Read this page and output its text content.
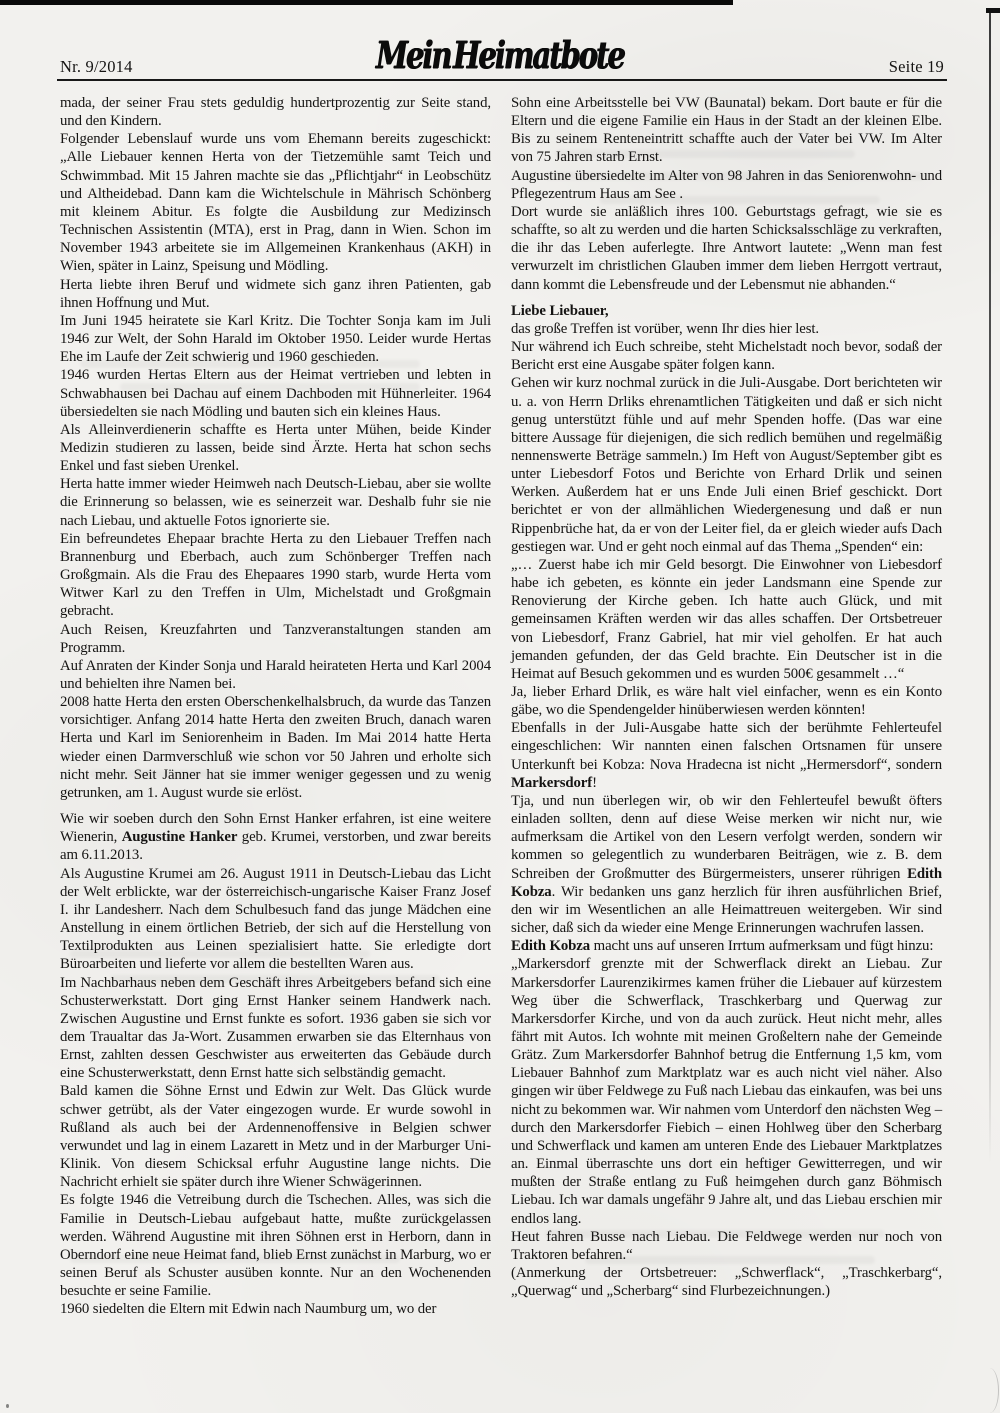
Nr. 9/2014	Mein Heimatbote	Seite 19

mada, der seiner Frau stets geduldig hundertprozentig zur Seite stand, und den Kindern.

Folgender Lebenslauf wurde uns vom Ehemann bereits zugeschickt: „Alle Liebauer kennen Herta von der Tietzemühle samt Teich und Schwimmbad. Mit 15 Jahren machte sie das „Pflichtjahr“ in Leobschütz und Altheidebad. Dann kam die Wichtelschule in Mährisch Schönberg mit kleinem Abitur. Es folgte die Ausbildung zur Medizinsch Technischen Assistentin (MTA), erst in Prag, dann in Wien. Schon im November 1943 arbeitete sie im Allgemeinen Krankenhaus (AKH) in Wien, später in Lainz, Speisung und Mödling.

Herta liebte ihren Beruf und widmete sich ganz ihren Patienten, gab ihnen Hoffnung und Mut.

Im Juni 1945 heiratete sie Karl Kritz. Die Tochter Sonja kam im Juli 1946 zur Welt, der Sohn Harald im Oktober 1950. Leider wurde Hertas Ehe im Laufe der Zeit schwierig und 1960 geschieden.

1946 wurden Hertas Eltern aus der Heimat vertrieben und lebten in Schwabhausen bei Dachau auf einem Dachboden mit Hühnerleiter. 1964 übersiedelten sie nach Mödling und bauten sich ein kleines Haus.

Als Alleinverdienerin schaffte es Herta unter Mühen, beide Kinder Medizin studieren zu lassen, beide sind Ärzte. Herta hat schon sechs Enkel und fast sieben Urenkel.

Herta hatte immer wieder Heimweh nach Deutsch-Liebau, aber sie wollte die Erinnerung so belassen, wie es seinerzeit war. Deshalb fuhr sie nie nach Liebau, und aktuelle Fotos ignorierte sie.

Ein befreundetes Ehepaar brachte Herta zu den Liebauer Treffen nach Brannenburg und Eberbach, auch zum Schönberger Treffen nach Großgmain. Als die Frau des Ehepaares 1990 starb, wurde Herta vom Witwer Karl zu den Treffen in Ulm, Michelstadt und Großgmain gebracht.

Auch Reisen, Kreuzfahrten und Tanzveranstaltungen standen am Programm.

Auf Anraten der Kinder Sonja und Harald heirateten Herta und Karl 2004 und behielten ihre Namen bei.

2008 hatte Herta den ersten Oberschenkelhalsbruch, da wurde das Tanzen vorsichtiger. Anfang 2014 hatte Herta den zweiten Bruch, danach waren Herta und Karl im Seniorenheim in Baden. Im Mai 2014 hatte Herta wieder einen Darmverschluß wie schon vor 50 Jahren und erholte sich nicht mehr. Seit Jänner hat sie immer weniger gegessen und zu wenig getrunken, am 1. August wurde sie erlöst.

Wie wir soeben durch den Sohn Ernst Hanker erfahren, ist eine weitere Wienerin, Augustine Hanker geb. Krumei, verstorben, und zwar bereits am 6.11.2013.

Als Augustine Krumei am 26. August 1911 in Deutsch-Liebau das Licht der Welt erblickte, war der österreichisch-ungarische Kaiser Franz Josef I. ihr Landesherr. Nach dem Schulbesuch fand das junge Mädchen eine Anstellung in einem örtlichen Betrieb, der sich auf die Herstellung von Textilprodukten aus Leinen spezialisiert hatte. Sie erledigte dort Büroarbeiten und lieferte vor allem die bestellten Waren aus.

Im Nachbarhaus neben dem Geschäft ihres Arbeitgebers befand sich eine Schusterwerkstatt. Dort ging Ernst Hanker seinem Handwerk nach. Zwischen Augustine und Ernst funkte es sofort. 1936 gaben sie sich vor dem Traualtar das Ja-Wort. Zusammen erwarben sie das Elternhaus von Ernst, zahlten dessen Geschwister aus erweiterten das Gebäude durch eine Schusterwerkstatt, denn Ernst hatte sich selbständig gemacht.

Bald kamen die Söhne Ernst und Edwin zur Welt. Das Glück wurde schwer getrübt, als der Vater eingezogen wurde. Er wurde sowohl in Rußland als auch bei der Ardennenoffensive in Belgien schwer verwundet und lag in einem Lazarett in Metz und in der Marburger Uni-Klinik. Von diesem Schicksal erfuhr Augustine lange nichts. Die Nachricht erhielt sie später durch ihre Wiener Schwägerinnen.

Es folgte 1946 die Vetreibung durch die Tschechen. Alles, was sich die Familie in Deutsch-Liebau aufgebaut hatte, mußte zurückgelassen werden. Während Augustine mit ihren Söhnen erst in Herborn, dann in Oberndorf eine neue Heimat fand, blieb Ernst zunächst in Marburg, wo er seinen Beruf als Schuster ausüben konnte. Nur an den Wochenenden besuchte er seine Familie.

1960 siedelten die Eltern mit Edwin nach Naumburg um, wo der

Sohn eine Arbeitsstelle bei VW (Baunatal) bekam. Dort baute er für die Eltern und die eigene Familie ein Haus in der Stadt an der kleinen Elbe. Bis zu seinem Renteneintritt schaffte auch der Vater bei VW. Im Alter von 75 Jahren starb Ernst.

Augustine übersiedelte im Alter von 98 Jahren in das Seniorenwohn- und Pflegezentrum Haus am See .

Dort wurde sie anläßlich ihres 100. Geburtstags gefragt, wie sie es schaffte, so alt zu werden und die harten Schicksalsschläge zu verkraften, die ihr das Leben auferlegte. Ihre Antwort lautete: „Wenn man fest verwurzelt im christlichen Glauben immer dem lieben Herrgott vertraut, dann kommt die Lebensfreude und der Lebensmut nie abhanden.“

Liebe Liebauer,

das große Treffen ist vorüber, wenn Ihr dies hier lest.

Nur während ich Euch schreibe, steht Michelstadt noch bevor, sodaß der Bericht erst eine Ausgabe später folgen kann.

Gehen wir kurz nochmal zurück in die Juli-Ausgabe. Dort berichteten wir u. a. von Herrn Drliks ehrenamtlichen Tätigkeiten und daß er sich nicht genug unterstützt fühle und auf mehr Spenden hoffe. (Das war eine bittere Aussage für diejenigen, die sich redlich bemühen und regelmäßig nennenswerte Beträge sammeln.) Im Heft von August/September gibt es unter Liebesdorf Fotos und Berichte von Erhard Drlik und seinen Werken. Außerdem hat er uns Ende Juli einen Brief geschickt. Dort berichtet er von der allmählichen Wiedergenesung und daß er nun Rippenbrüche hat, da er von der Leiter fiel, da er gleich wieder aufs Dach gestiegen war. Und er geht noch einmal auf das Thema „Spenden“ ein:

„… Zuerst habe ich mir Geld besorgt. Die Einwohner von Liebesdorf habe ich gebeten, es könnte ein jeder Landsmann eine Spende zur Renovierung der Kirche geben. Ich hatte auch Glück, und mit gemeinsamen Kräften werden wir das alles schaffen. Der Ortsbetreuer von Liebesdorf, Franz Gabriel, hat mir viel geholfen. Er hat auch jemanden gefunden, der das Geld brachte. Ein Deutscher ist in die Heimat auf Besuch gekommen und es wurden 500€ gesammelt …“

Ja, lieber Erhard Drlik, es wäre halt viel einfacher, wenn es ein Konto gäbe, wo die Spendengelder hinüberwiesen werden könnten!

Ebenfalls in der Juli-Ausgabe hatte sich der berühmte Fehlerteufel eingeschlichen: Wir nannten einen falschen Ortsnamen für unsere Unterkunft bei Kobza: Nova Hradecna ist nicht „Hermersdorf“, sondern Markersdorf!

Tja, und nun überlegen wir, ob wir den Fehlerteufel bewußt öfters einladen sollten, denn auf diese Weise merken wir nicht nur, wie aufmerksam die Artikel von den Lesern verfolgt werden, sondern wir kommen so gelegentlich zu wunderbaren Beiträgen, wie z. B. dem Schreiben der Großmutter des Bürgermeisters, unserer rührigen Edith Kobza. Wir bedanken uns ganz herzlich für ihren ausführlichen Brief, den wir im Wesentlichen an alle Heimattreuen weitergeben. Wir sind sicher, daß sich da wieder eine Menge Erinnerungen wachrufen lassen.

Edith Kobza macht uns auf unseren Irrtum aufmerksam und fügt hinzu:

„Markersdorf grenzte mit der Schwerflack direkt an Liebau. Zur Markersdorfer Laurenzikirmes kamen früher die Liebauer auf kürzestem Weg über die Schwerflack, Traschkerbarg und Querwag zur Markersdorfer Kirche, und von da auch zurück. Heut nicht mehr, alles fährt mit Autos. Ich wohnte mit meinen Großeltern nahe der Gemeinde Grätz. Zum Markersdorfer Bahnhof betrug die Entfernung 1,5 km, vom Liebauer Bahnhof zum Marktplatz war es auch nicht viel näher. Also gingen wir über Feldwege zu Fuß nach Liebau das einkaufen, was bei uns nicht zu bekommen war. Wir nahmen vom Unterdorf den nächsten Weg – durch den Markersdorfer Fiebich – einen Hohlweg über den Scherbarg und Schwerflack und kamen am unteren Ende des Liebauer Marktplatzes an. Einmal überraschte uns dort ein heftiger Gewitterregen, und wir mußten der Straße entlang zu Fuß heimgehen durch ganz Böhmisch Liebau. Ich war damals ungefähr 9 Jahre alt, und das Liebau erschien mir endlos lang.

Heut fahren Busse nach Liebau. Die Feldwege werden nur noch von Traktoren befahren.“

(Anmerkung der Ortsbetreuer: „Schwerflack“, „Traschkerbarg“, „Querwag“ und „Scherbarg“ sind Flurbezeichnungen.)
